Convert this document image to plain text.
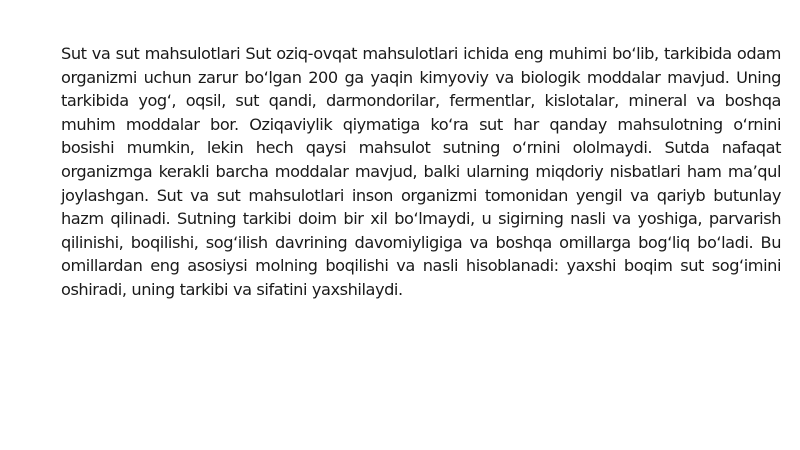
Sut va sut mahsulotlari Sut oziq-ovqat mahsulotlari ichida eng muhimi bo‘lib, tarkibida odam organizmi uchun zarur bo‘lgan 200 ga yaqin kimyoviy va biologik moddalar mavjud. Uning tarkibida yog‘, oqsil, sut qandi, darmondorilar, fermentlar, kislotalar, mineral va boshqa muhim moddalar bor. Oziqaviylik qiymatiga ko‘ra sut har qanday mahsulotning o‘rnini bosishi mumkin, lekin hech qaysi mahsulot sutning o‘rnini ololmaydi. Sutda nafaqat organizmga kerakli barcha moddalar mavjud, balki ularning miqdoriy nisbatlari ham ma’qul joylashgan. Sut va sut mahsulotlari inson organizmi tomonidan yengil va qariyb butunlay hazm qilinadi. Sutning tarkibi doim bir xil bo‘lmaydi, u sigirning nasli va yoshiga, parvarish qilinishi, boqilishi, sog‘ilish davrining davomiyligiga va boshqa omillarga bog‘liq bo‘ladi. Bu omillardan eng asosiysi molning boqilishi va nasli hisoblanadi: yaxshi boqim sut sog‘imini oshiradi, uning tarkibi va sifatini yaxshilaydi.
